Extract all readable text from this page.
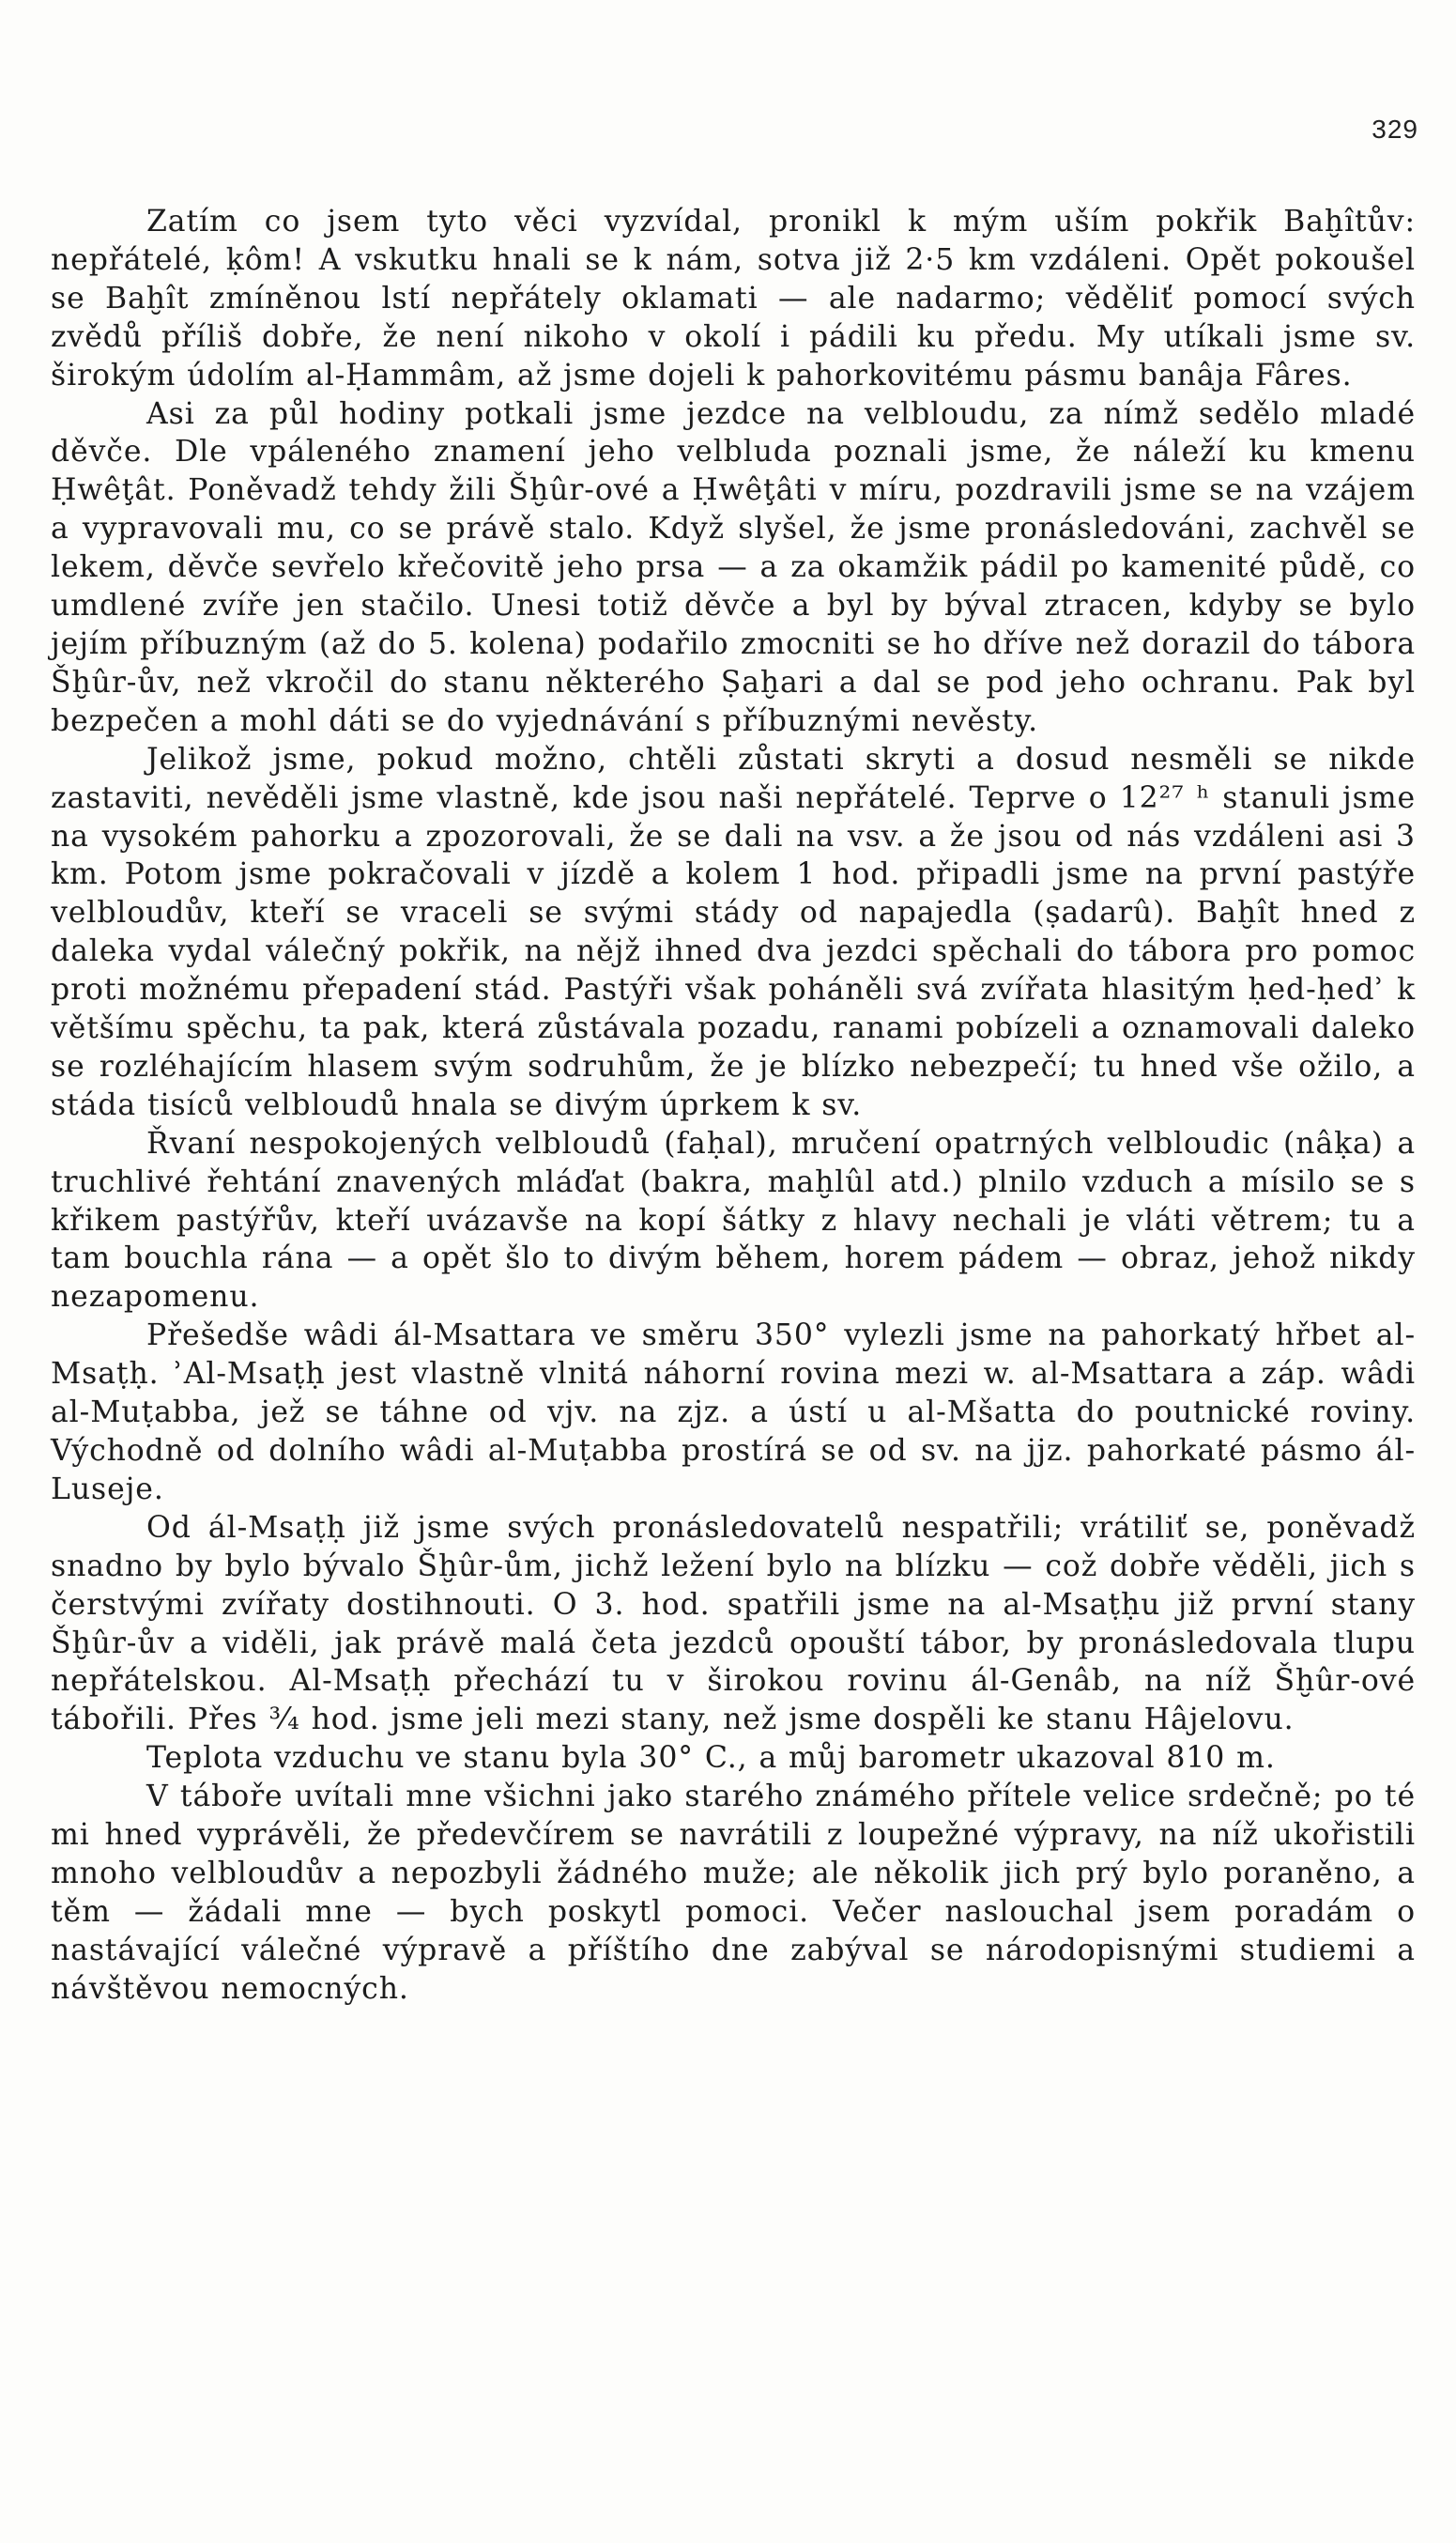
329

Zatím co jsem tyto věci vyzvídal, pronikl k mým uším pokřik Baḫîtův: nepřátelé, ḳôm! A vskutku hnali se k nám, sotva již 2·5 km vzdáleni. Opět pokoušel se Baḫît zmíněnou lstí nepřátely oklamati — ale nadarmo; věděliť pomocí svých zvědů příliš dobře, že není nikoho v okolí i pádili ku předu. My utíkali jsme sv. širokým údolím al-Ḥammâm, až jsme dojeli k pahorkovitému pásmu banâja Fâres.

Asi za půl hodiny potkali jsme jezdce na velbloudu, za nímž sedělo mladé děvče. Dle vpáleného znamení jeho velbluda poznali jsme, že náleží ku kmenu Ḥwêţât. Poněvadž tehdy žili Šḫûr-ové a Ḥwêţâti v míru, pozdravili jsme se na vzájem a vypravovali mu, co se právě stalo. Když slyšel, že jsme pronásledováni, zachvěl se lekem, děvče sevřelo křečovitě jeho prsa — a za okamžik pádil po kamenité půdě, co umdlené zvíře jen stačilo. Unesi totiž děvče a byl by býval ztracen, kdyby se bylo jejím příbuzným (až do 5. kolena) podařilo zmocniti se ho dříve než dorazil do tábora Šḫûr-ův, než vkročil do stanu některého Ṣaḫari a dal se pod jeho ochranu. Pak byl bezpečen a mohl dáti se do vyjednávání s příbuznými nevěsty.

Jelikož jsme, pokud možno, chtěli zůstati skryti a dosud nesměli se nikde zastaviti, nevěděli jsme vlastně, kde jsou naši nepřátelé. Teprve o 12²⁷ ʰ stanuli jsme na vysokém pahorku a zpozorovali, že se dali na vsv. a že jsou od nás vzdáleni asi 3 km. Potom jsme pokračovali v jízdě a kolem 1 hod. připadli jsme na první pastýře velbloudův, kteří se vraceli se svými stády od napajedla (ṣadarû). Baḫît hned z daleka vydal válečný pokřik, na nějž ihned dva jezdci spěchali do tábora pro pomoc proti možnému přepadení stád. Pastýři však poháněli svá zvířata hlasitým ḥed-ḥedʾ k většímu spěchu, ta pak, která zůstávala pozadu, ranami pobízeli a oznamovali daleko se rozléhajícím hlasem svým sodruhům, že je blízko nebezpečí; tu hned vše ožilo, a stáda tisíců velbloudů hnala se divým úprkem k sv.

Řvaní nespokojených velbloudů (faḥal), mručení opatrných velbloudic (nâḳa) a truchlivé řehtání znavených mláďat (bakra, maḫlûl atd.) plnilo vzduch a mísilo se s křikem pastýřův, kteří uvázavše na kopí šátky z hlavy nechali je vláti větrem; tu a tam bouchla rána — a opět šlo to divým během, horem pádem — obraz, jehož nikdy nezapomenu.

Přešedše wâdi ál-Msattara ve směru 350° vylezli jsme na pahorkatý hřbet al-Msaṭḥ. ʾAl-Msaṭḥ jest vlastně vlnitá náhorní rovina mezi w. al-Msattara a záp. wâdi al-Muṭabba, jež se táhne od vjv. na zjz. a ústí u al-Mšatta do poutnické roviny. Východně od dolního wâdi al-Muṭabba prostírá se od sv. na jjz. pahorkaté pásmo ál-Luseje.

Od ál-Msaṭḥ již jsme svých pronásledovatelů nespatřili; vrátiliť se, poněvadž snadno by bylo bývalo Šḫûr-ům, jichž ležení bylo na blízku — což dobře věděli, jich s čerstvými zvířaty dostihnouti. O 3. hod. spatřili jsme na al-Msaṭḥu již první stany Šḫûr-ův a viděli, jak právě malá četa jezdců opouští tábor, by pronásledovala tlupu nepřátelskou. Al-Msaṭḥ přechází tu v širokou rovinu ál-Genâb, na níž Šḫûr-ové tábořili. Přes ³⁄₄ hod. jsme jeli mezi stany, než jsme dospěli ke stanu Hâjelovu.

Teplota vzduchu ve stanu byla 30° C., a můj barometr ukazoval 810 m.

V táboře uvítali mne všichni jako starého známého přítele velice srdečně; po té mi hned vyprávěli, že předevčírem se navrátili z loupežné výpravy, na níž ukořistili mnoho velbloudův a nepozbyli žádného muže; ale několik jich prý bylo poraněno, a těm — žádali mne — bych poskytl pomoci. Večer naslouchal jsem poradám o nastávající válečné výpravě a příštího dne zabýval se národopisnými studiemi a návštěvou nemocných.
